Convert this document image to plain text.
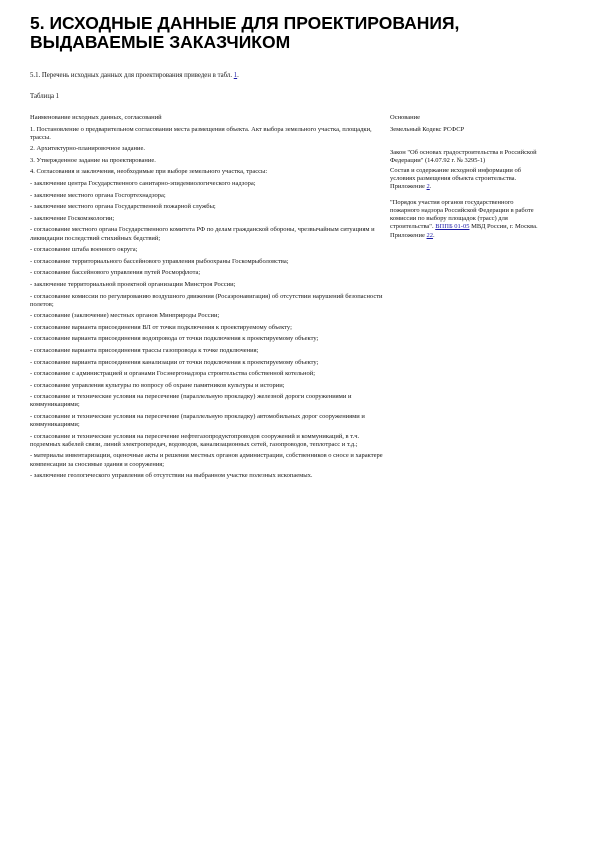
5. ИСХОДНЫЕ ДАННЫЕ ДЛЯ ПРОЕКТИРОВАНИЯ, ВЫДАВАЕМЫЕ ЗАКАЗЧИКОМ
5.1. Перечень исходных данных для проектирования приведен в табл. 1.
Таблица 1

Наименование исходных данных, согласований

1. Постановление о предварительном согласовании места размещения объекта. Акт выбора земельного участка, площадки, трассы.

2. Архитектурно-планировочное задание.

3. Утвержденное задание на проектирование.

4. Согласования и заключения, необходимые при выборе земельного участка, трассы:

- заключение центра Государственного санитарно-эпидемиологического надзора;

- заключение местного органа Госгортехнадзора;

- заключение местного органа Государственной пожарной службы;

- заключение Госкомэкологии;

- согласование местного органа Государственного комитета РФ по делам гражданской обороны, чрезвычайным ситуациям и ликвидации последствий стихийных бедствий;

- согласование штаба военного округа;

- согласование территориального бассейнового управления рыбоохраны Госкомрыболовства;

- согласование бассейнового управления путей Росморфлота;

- заключение территориальной проектной организации Минстроя России;

- согласование комиссии по регулированию воздушного движения (Росаэронавигация) об отсутствии нарушений безопасности полетов;

- согласование (заключение) местных органов Минприроды России;

- согласование варианта присоединения ВЛ от точки подключения к проектируемому объекту;

- согласование варианта присоединения водопровода от точки подключения к проектируемому объекту;

- согласование варианта присоединения трассы газопровода к точке подключения;

- согласование варианта присоединения канализации от точки подключения к проектируемому объекту;

- согласование с администрацией и органами Госэнергонадзора строительства собственной котельной;

- согласование управления культуры по вопросу об охране памятников культуры и истории;

- согласование и технические условия на пересечение (параллельную прокладку) железной дороги сооружениями и коммуникациями;

- согласование и технические условия на пересечение (параллельную прокладку) автомобильных дорог сооружениями и коммуникациями;

- согласование и технические условия на пересечение нефтегазопродуктопроводов сооружений и коммуникаций, в т.ч. подземных кабелей связи, линий электропередач, водоводов, канализационных сетей, газопроводов, теплотрасс и т.д.;

- материалы инвентаризации, оценочные акты и решения местных органов администрации, собственников о сносе и характере компенсации за сносимые здания и сооружения;

- заключение геологического управления об отсутствии на выбранном участке полезных ископаемых.

Основание

Земельный Кодекс РСФСР

Закон "Об основах градостроительства в Российской Федерации" (14.07.92 г. № 3295-1)

Состав и содержание исходной информации об условиях размещения объекта строительства. Приложение 2.

"Порядок участия органов государственного пожарного надзора Российской Федерации в работе комиссии по выбору площадок (трасс) для строительства". ВППБ 01-05 МВД России, г. Москва. Приложение 22.
